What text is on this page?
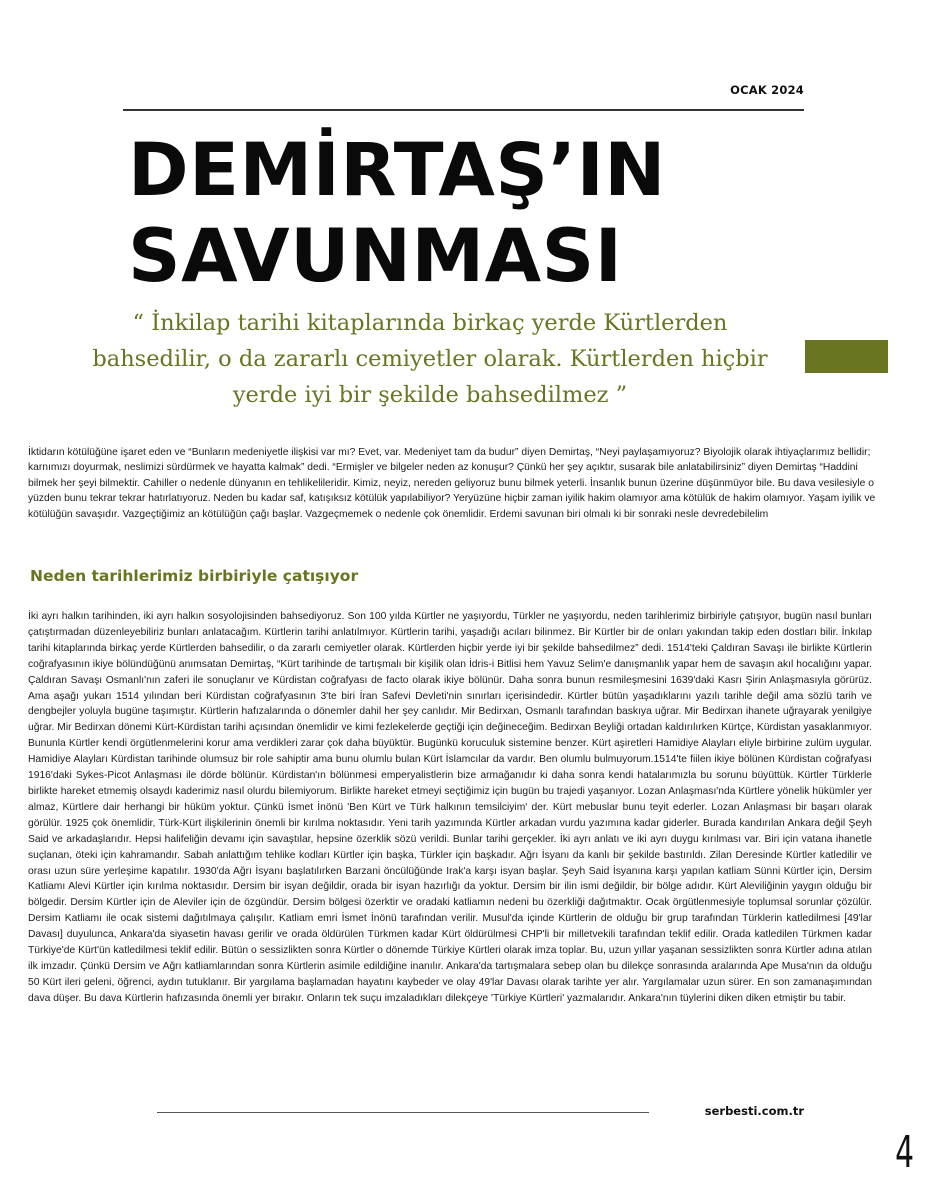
OCAK 2024
DEMİRTAŞ’IN
SAVUNMASI
“ İnkilap tarihi kitaplarında birkaç yerde Kürtlerden
bahsedilir, o da zararlı cemiyetler olarak. Kürtlerden hiçbir
yerde iyi bir şekilde bahsedilmez ”

İktidarın kötülüğüne işaret eden ve “Bunların medeniyetle ilişkisi var mı? Evet, var. Medeniyet tam da budur” diyen Demirtaş, “Neyi paylaşamıyoruz? Biyolojik olarak ihtiyaçlarımız bellidir; karnımızı doyurmak, neslimizi sürdürmek ve hayatta kalmak” dedi. “Ermişler ve bilgeler neden az konuşur? Çünkü her şey açıktır, susarak bile anlatabilirsiniz” diyen Demirtaş “Haddini bilmek her şeyi bilmektir. Cahiller o nedenle dünyanın en tehlikelileridir. Kimiz, neyiz, nereden geliyoruz bunu bilmek yeterli. İnsanlık bunun üzerine düşünmüyor bile. Bu dava vesilesiyle o yüzden bunu tekrar tekrar hatırlatıyoruz. Neden bu kadar saf, katışıksız kötülük yapılabiliyor? Yeryüzüne hiçbir zaman iyilik hakim olamıyor ama kötülük de hakim olamıyor. Yaşam iyilik ve kötülüğün savaşıdır. Vazgeçtiğimiz an kötülüğün çağı başlar. Vazgeçmemek o nedenle çok önemlidir. Erdemi savunan biri olmalı ki bir sonraki nesle devredebilelim

Neden tarihlerimiz birbiriyle çatışıyor

İki ayrı halkın tarihinden, iki ayrı halkın sosyolojisinden bahsediyoruz. Son 100 yılda Kürtler ne yaşıyordu, Türkler ne yaşıyordu, neden tarihlerimiz birbiriyle çatışıyor, bugün nasıl bunları çatıştırmadan düzenleyebiliriz bunları anlatacağım. Kürtlerin tarihi anlatılmıyor. Kürtlerin tarihi, yaşadığı acıları bilinmez. Bir Kürtler bir de onları yakından takip eden dostları bilir. İnkılap tarihi kitaplarında birkaç yerde Kürtlerden bahsedilir, o da zararlı cemiyetler olarak. Kürtlerden hiçbir yerde iyi bir şekilde bahsedilmez” dedi. 1514'teki Çaldıran Savaşı ile birlikte Kürtlerin coğrafyasının ikiye bölündüğünü anımsatan Demirtaş, “Kürt tarihinde de tartışmalı bir kişilik olan İdris-i Bitlisi hem Yavuz Selim'e danışmanlık yapar hem de savaşın akıl hocalığını yapar. Çaldıran Savaşı Osmanlı'nın zaferi ile sonuçlanır ve Kürdistan coğrafyası de facto olarak ikiye bölünür. Daha sonra bunun resmileşmesini 1639'daki Kasrı Şirin Anlaşmasıyla görürüz. Ama aşağı yukarı 1514 yılından beri Kürdistan coğrafyasının 3'te biri İran Safevi Devleti'nin sınırları içerisindedir. Kürtler bütün yaşadıklarını yazılı tarihle değil ama sözlü tarih ve dengbejler yoluyla bugüne taşımıştır. Kürtlerin hafızalarında o dönemler dahil her şey canlıdır. Mir Bedirxan, Osmanlı tarafından baskıya uğrar. Mir Bedirxan ihanete uğrayarak yenilgiye uğrar. Mir Bedirxan dönemi Kürt-Kürdistan tarihi açısından önemlidir ve kimi fezlekelerde geçtiği için değineceğim. Bedirxan Beyliği ortadan kaldırılırken Kürtçe, Kürdistan yasaklanmıyor. Bununla Kürtler kendi örgütlenmelerini korur ama verdikleri zarar çok daha büyüktür. Bugünkü koruculuk sistemine benzer. Kürt aşiretleri Hamidiye Alayları eliyle birbirine zulüm uygular. Hamidiye Alayları Kürdistan tarihinde olumsuz bir role sahiptir ama bunu olumlu bulan Kürt İslamcılar da vardır. Ben olumlu bulmuyorum.1514'te fiilen ikiye bölünen Kürdistan coğrafyası 1916'daki Sykes-Picot Anlaşması ile dörde bölünür. Kürdistan'ın bölünmesi emperyalistlerin bize armağanıdır ki daha sonra kendi hatalarımızla bu sorunu büyüttük. Kürtler Türklerle birlikte hareket etmemiş olsaydı kaderimiz nasıl olurdu bilemiyorum. Birlikte hareket etmeyi seçtiğimiz için bugün bu trajedi yaşanıyor. Lozan Anlaşması'nda Kürtlere yönelik hükümler yer almaz, Kürtlere dair herhangi bir hüküm yoktur. Çünkü İsmet İnönü 'Ben Kürt ve Türk halkının temsilciyim' der. Kürt mebuslar bunu teyit ederler. Lozan Anlaşması bir başarı olarak görülür. 1925 çok önemlidir, Türk-Kürt ilişkilerinin önemli bir kırılma noktasıdır. Yeni tarih yazımında Kürtler arkadan vurdu yazımına kadar giderler. Burada kandırılan Ankara değil Şeyh Said ve arkadaşlarıdır. Hepsi halifeliğin devamı için savaştılar, hepsine özerklik sözü verildi. Bunlar tarihi gerçekler. İki ayrı anlatı ve iki ayrı duygu kırılması var. Biri için vatana ihanetle suçlanan, öteki için kahramandır. Sabah anlattığım tehlike kodları Kürtler için başka, Türkler için başkadır. Ağrı İsyanı da kanlı bir şekilde bastırıldı. Zilan Deresinde Kürtler katledilir ve orası uzun süre yerleşime kapatılır. 1930'da Ağrı İsyanı başlatılırken Barzani öncülüğünde Irak'a karşı isyan başlar. Şeyh Said İsyanına karşı yapılan katliam Sünni Kürtler için, Dersim Katliamı Alevi Kürtler için kırılma noktasıdır. Dersim bir isyan değildir, orada bir isyan hazırlığı da yoktur. Dersim bir ilin ismi değildir, bir bölge adıdır. Kürt Aleviliğinin yaygın olduğu bir bölgedir. Dersim Kürtler için de Aleviler için de özgündür. Dersim bölgesi özerktir ve oradaki katliamın nedeni bu özerkliği dağıtmaktır. Ocak örgütlenmesiyle toplumsal sorunlar çözülür. Dersim Katliamı ile ocak sistemi dağıtılmaya çalışılır. Katliam emri İsmet İnönü tarafından verilir. Musul'da içinde Kürtlerin de olduğu bir grup tarafından Türklerin katledilmesi [49'lar Davası] duyulunca, Ankara'da siyasetin havası gerilir ve orada öldürülen Türkmen kadar Kürt öldürülmesi CHP'li bir milletvekili tarafından teklif edilir. Orada katledilen Türkmen kadar Türkiye'de Kürt'ün katledilmesi teklif edilir. Bütün o sessizlikten sonra Kürtler o dönemde Türkiye Kürtleri olarak imza toplar. Bu, uzun yıllar yaşanan sessizlikten sonra Kürtler adına atılan ilk imzadır. Çünkü Dersim ve Ağrı katliamlarından sonra Kürtlerin asimile edildiğine inanılır. Ankara'da tartışmalara sebep olan bu dilekçe sonrasında aralarında Ape Musa'nın da olduğu 50 Kürt ileri geleni, öğrenci, aydın tutuklanır. Bir yargılama başlamadan hayatını kaybeder ve olay 49'lar Davası olarak tarihte yer alır. Yargılamalar uzun sürer. En son zamanaşımından dava düşer. Bu dava Kürtlerin hafızasında önemli yer bırakır. Onların tek suçu imzaladıkları dilekçeye 'Türkiye Kürtleri' yazmalarıdır. Ankara'nın tüylerini diken diken etmiştir bu tabir.

serbesti.com.tr
4
